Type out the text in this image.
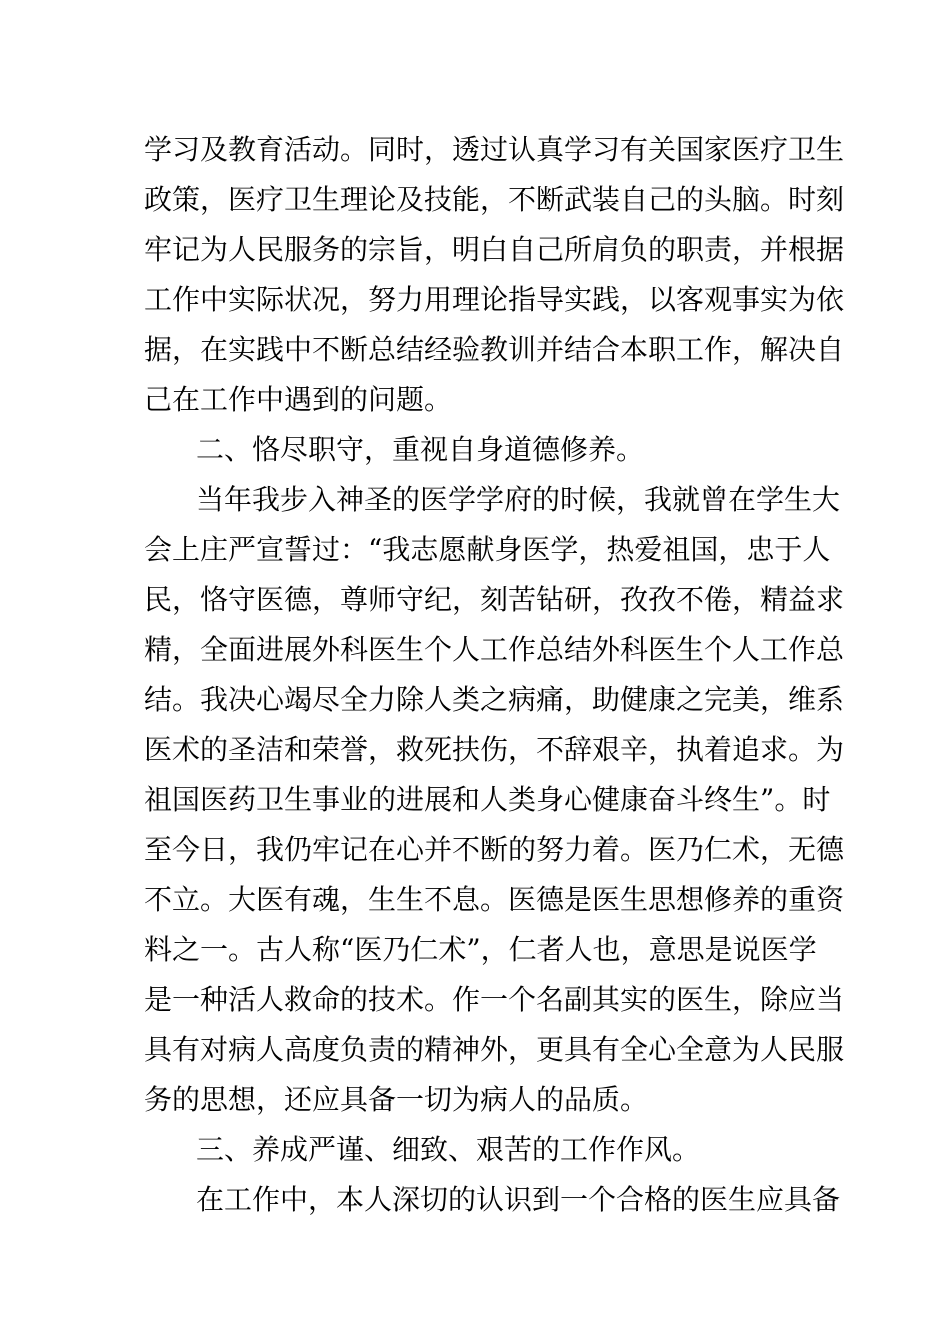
学习及教育活动。同时，透过认真学习有关国家医疗卫生
政策，医疗卫生理论及技能，不断武装自己的头脑。时刻
牢记为人民服务的宗旨，明白自己所肩负的职责，并根据
工作中实际状况，努力用理论指导实践，以客观事实为依
据，在实践中不断总结经验教训并结合本职工作，解决自
己在工作中遇到的问题。
二、恪尽职守，重视自身道德修养。
当年我步入神圣的医学学府的时候，我就曾在学生大
会上庄严宣誓过：“我志愿献身医学，热爱祖国，忠于人
民，恪守医德，尊师守纪，刻苦钻研，孜孜不倦，精益求
精，全面进展外科医生个人工作总结外科医生个人工作总
结。我决心竭尽全力除人类之病痛，助健康之完美，维系
医术的圣洁和荣誉，救死扶伤，不辞艰辛，执着追求。为
祖国医药卫生事业的进展和人类身心健康奋斗终生”。时
至今日，我仍牢记在心并不断的努力着。医乃仁术，无德
不立。大医有魂，生生不息。医德是医生思想修养的重资
料之一。古人称“医乃仁术”，仁者人也，意思是说医学
是一种活人救命的技术。作一个名副其实的医生，除应当
具有对病人高度负责的精神外，更具有全心全意为人民服
务的思想，还应具备一切为病人的品质。
三、养成严谨、细致、艰苦的工作作风。
在工作中，本人深切的认识到一个合格的医生应具备
